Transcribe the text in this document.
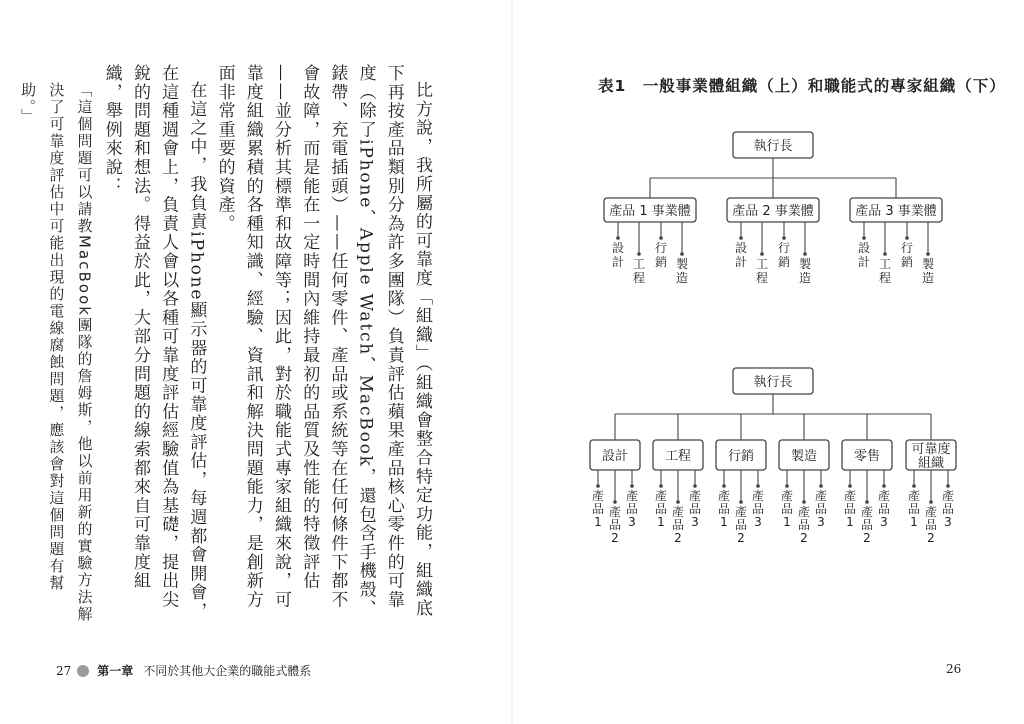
比方說，我所屬的可靠度「組織」（組織會整合特定功能，組織底下再按產品類別分為許多團隊）負責評估蘋果產品核心零件的可靠度（除了iPhone、Apple Watch、MacBook，還包含手機殼、錶帶、充電插頭）——任何零件、產品或系統等在任何條件下都不會故障，而是能在一定時間內維持最初的品質及性能的特徵評估——並分析其標準和故障等；因此，對於職能式專家組織來說，可靠度組織累積的各種知識、經驗、資訊和解決問題能力，是創新方面非常重要的資產。

在這之中，我負責iPhone顯示器的可靠度評估，每週都會開會，在這種週會上，負責人會以各種可靠度評估經驗值為基礎，提出尖銳的問題和想法。得益於此，大部分問題的線索都來自可靠度組織，舉例來說：

「這個問題可以請教MacBook團隊的詹姆斯，他以前用新的實驗方法解決了可靠度評估中可能出現的電線腐蝕問題，應該會對這個問題有幫助。」

27 第一章 不同於其他大企業的職能式體系
表1　一般事業體組織（上）和職能式的專家組織（下）
執行長
產品 1 事業體	產品 2 事業體	產品 3 事業體
設
計 工
程
行
銷 製
造
設
計 工
程
行
銷 製
造
設
計 工
程
行
銷 製
造
執行長
設計	工程	行銷	製造	零售 可靠度
組織
產
品
1
產
品
2
產
品
3
產
品
1
產
品
2
產
品
3
產
品
1
產
品
2
產
品
3
產
品
1
產
品
2
產
品
3
產
品
1
產
品
2
產
品
3
產
品
1
產
品
2
產
品
3
26
